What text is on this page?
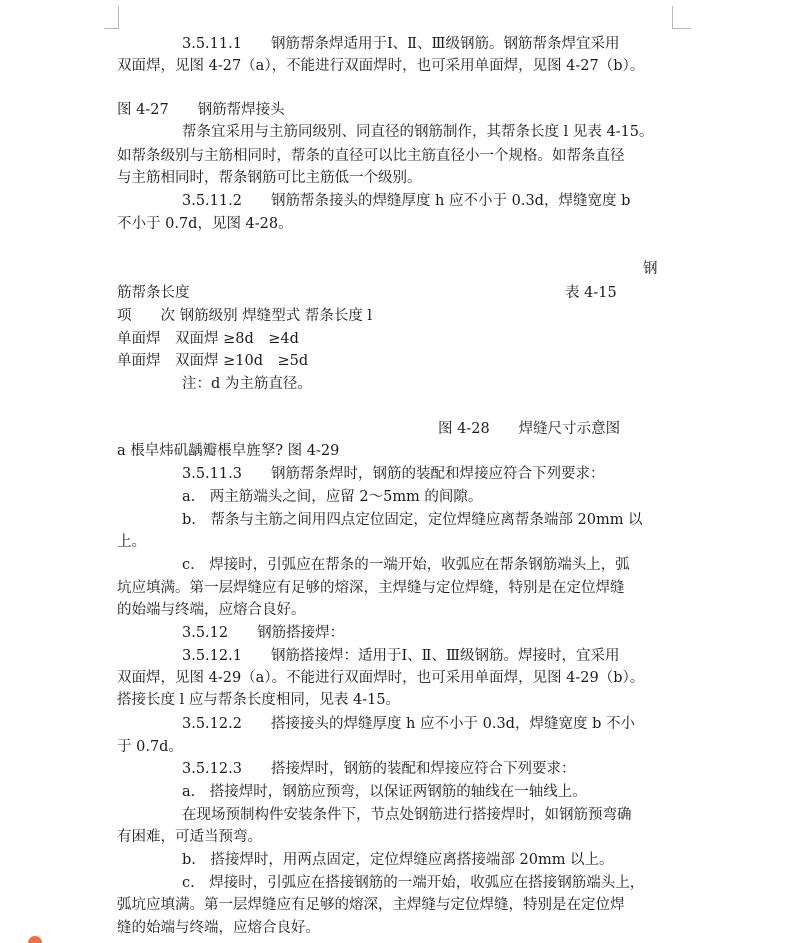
3.5.11.1　　钢筋帮条焊适用于Ⅰ、Ⅱ、Ⅲ级钢筋。钢筋帮条焊宜采用
双面焊，见图 4-27（a），不能进行双面焊时，也可采用单面焊，见图 4-27（b）。
图 4-27　　钢筋帮焊接头
帮条宜采用与主筋同级别、同直径的钢筋制作，其帮条长度 l 见表 4-15。
如帮条级别与主筋相同时，帮条的直径可以比主筋直径小一个规格。如帮条直径
与主筋相同时，帮条钢筋可比主筋低一个级别。
3.5.11.2　　钢筋帮条接头的焊缝厚度 h 应不小于 0.3d，焊缝宽度 b
不小于 0.7d，见图 4-28。
钢
筋帮条长度	表 4-15
项　　次 钢筋级别 焊缝型式 帮条长度 l
单面焊　双面焊 ≥8d　≥4d
单面焊　双面焊 ≥10d　≥5d
注：d 为主筋直径。
图 4-28　　焊缝尺寸示意图
a 棖皁炜矶龋瓣棖皁旌孥? 图 4-29
3.5.11.3　　钢筋帮条焊时，钢筋的装配和焊接应符合下列要求：
a.　两主筋端头之间，应留 2～5mm 的间隙。
b.　帮条与主筋之间用四点定位固定，定位焊缝应离帮条端部 20mm 以
上。
c.　焊接时，引弧应在帮条的一端开始，收弧应在帮条钢筋端头上，弧
坑应填满。第一层焊缝应有足够的熔深，主焊缝与定位焊缝，特别是在定位焊缝
的始端与终端，应熔合良好。
3.5.12　　钢筋搭接焊：
3.5.12.1　　钢筋搭接焊：适用于Ⅰ、Ⅱ、Ⅲ级钢筋。焊接时，宜采用
双面焊，见图 4-29（a）。不能进行双面焊时，也可采用单面焊，见图 4-29（b）。
搭接长度 l 应与帮条长度相同，见表 4-15。
3.5.12.2　　搭接接头的焊缝厚度 h 应不小于 0.3d，焊缝宽度 b 不小
于 0.7d。
3.5.12.3　　搭接焊时，钢筋的装配和焊接应符合下列要求：
a.　搭接焊时，钢筋应预弯，以保证两钢筋的轴线在一轴线上。
在现场预制构件安装条件下，节点处钢筋进行搭接焊时，如钢筋预弯确
有困难，可适当预弯。
b.　搭接焊时，用两点固定，定位焊缝应离搭接端部 20mm 以上。
c.　焊接时，引弧应在搭接钢筋的一端开始，收弧应在搭接钢筋端头上，
弧坑应填满。第一层焊缝应有足够的熔深，主焊缝与定位焊缝，特别是在定位焊
缝的始端与终端，应熔合良好。
